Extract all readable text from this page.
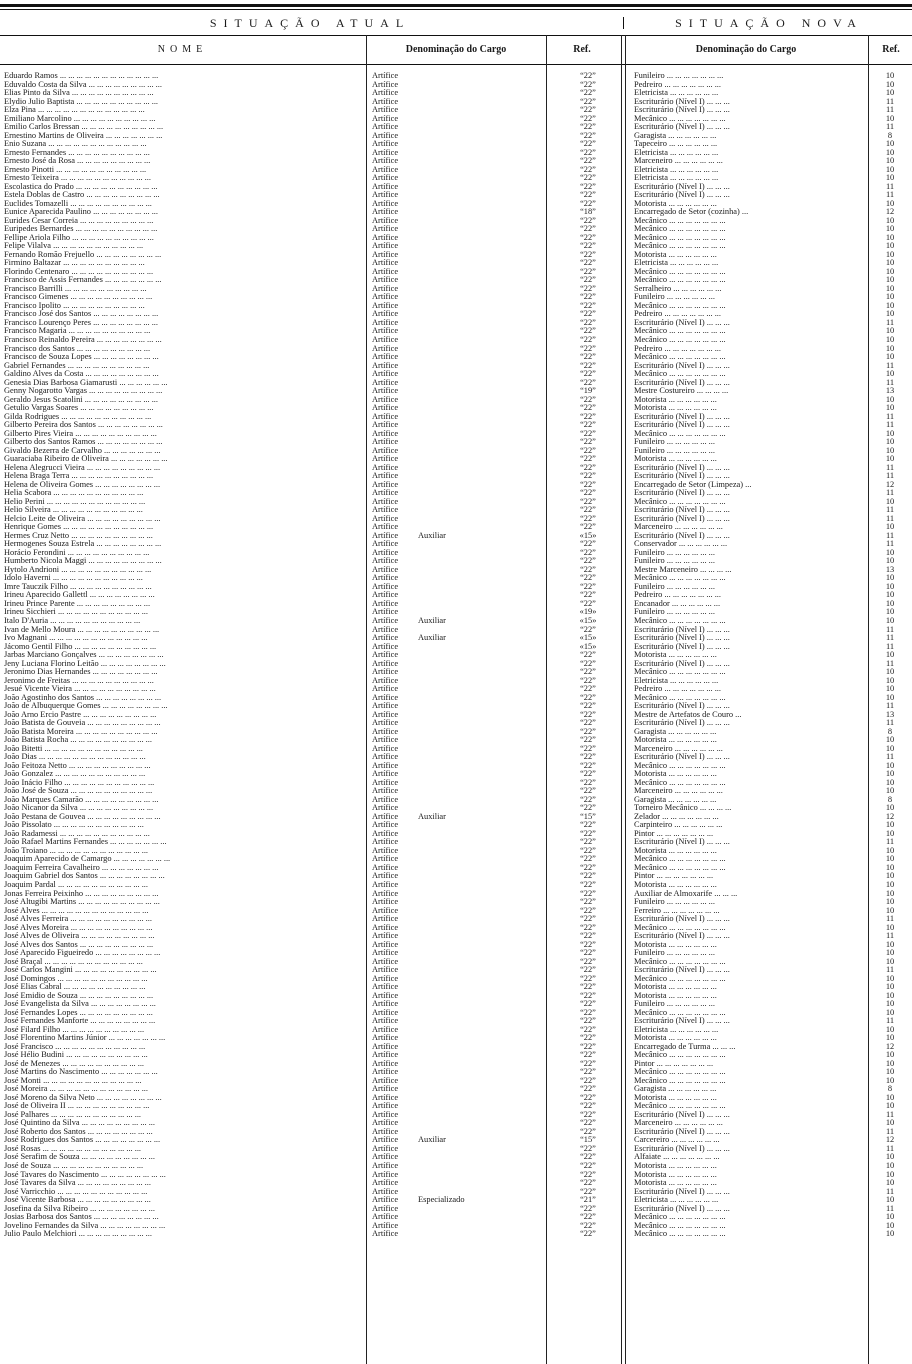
SITUAÇÃO ATUAL	SITUAÇÃO NOVA
NOME	Denominação do Cargo	Ref.	Denominação do Cargo	Ref.
Eduardo Ramos ... ... ... ... ... ... ... ... ... ... ... ...	Artífice	“22”	Funileiro ... ... ... ... ... ... ...	10
Eduvaldo Costa da Silva ... ... ... ... ... ... ... ... ...	Artífice	“22”	Pedreiro ... ... ... ... ... ... ...	10
Elias Pinto da Silva ... ... ... ... ... ... ... ... ... ...	Artífice	“22”	Eletricista ... ... ... ... ... ...	10
Elydio Julio Baptista ... ... ... ... ... ... ... ... ... ...	Artífice	“22”	Escriturário (Nível I) ... ... ...	11
Elza Pina ... ... ... ... ... ... ... ... ... ... ... ... ...	Artífice	“22”	Escriturário (Nível I) ... ... ...	11
Emiliano Marcolino ... ... ... ... ... ... ... ... ... ...	Artífice	“22”	Mecânico ... ... ... ... ... ... ...	10
Emilio Carlos Bressan ... ... ... ... ... ... ... ... ... ...	Artífice	“22”	Escriturário (Nível I) ... ... ...	11
Ernestino Martins de Oliveira ... ... ... ... ... ... ...	Artífice	“22”	Garagista ... ... ... ... ... ...	8
Enio Suzana ... ... ... ... ... ... ... ... ... ... ... ...	Artífice	“22”	Tapeceiro ... ... ... ... ... ...	10
Ernesto Fernandes ... ... ... ... ... ... ... ... ... ...	Artífice	“22”	Eletricista ... ... ... ... ... ...	10
Ernesto José da Rosa ... ... ... ... ... ... ... ... ...	Artífice	“22”	Marceneiro ... ... ... ... ... ...	10
Ernesto Pinotti ... ... ... ... ... ... ... ... ... ... ...	Artífice	“22”	Eletricista ... ... ... ... ... ...	10
Ernesto Teixeira ... ... ... ... ... ... ... ... ... ... ...	Artífice	“22”	Eletricista ... ... ... ... ... ...	10
Escolastica do Prado ... ... ... ... ... ... ... ... ... ...	Artífice	“22”	Escriturário (Nível I) ... ... ...	11
Estela Doblas de Castro ... ... ... ... ... ... ... ... ...	Artífice	“22”	Escriturário (Nível I) ... ... ...	11
Euclides Tomazelli ... ... ... ... ... ... ... ... ... ...	Artífice	“22”	Motorista ... ... ... ... ... ...	10
Eunice Aparecida Paulino ... ... ... ... ... ... ... ...	Artífice	“18”	Encarregado de Setor (cozinha) ...	12
Eurides Cesar Correia ... ... ... ... ... ... ... ... ...	Artífice	“22”	Mecânico ... ... ... ... ... ... ...	10
Euripedes Bernardes ... ... ... ... ... ... ... ... ... ...	Artífice	“22”	Mecânico ... ... ... ... ... ... ...	10
Fellipe Ariola Filho ... ... ... ... ... ... ... ... ... ...	Artífice	“22”	Mecânico ... ... ... ... ... ... ...	10
Felipe Vilalva ... ... ... ... ... ... ... ... ... ... ...	Artífice	“22”	Mecânico ... ... ... ... ... ... ...	10
Fernando Romão Frejuello ... ... ... ... ... ... ... ...	Artífice	“22”	Motorista ... ... ... ... ... ...	10
Firmino Baltazar ... ... ... ... ... ... ... ... ... ...	Artífice	“22”	Eletricista ... ... ... ... ... ...	10
Florindo Centenaro ... ... ... ... ... ... ... ... ... ...	Artífice	“22”	Mecânico ... ... ... ... ... ... ...	10
Francisco de Assis Fernandes ... ... ... ... ... ... ...	Artífice	“22”	Mecânico ... ... ... ... ... ... ...	10
Francisco Barrilli ... ... ... ... ... ... ... ... ... ...	Artífice	“22”	Serralheiro ... ... ... ... ... ...	10
Francisco Gimenes ... ... ... ... ... ... ... ... ... ...	Artífice	“22”	Funileiro ... ... ... ... ... ...	10
Francisco Ipolito ... ... ... ... ... ... ... ... ... ...	Artífice	“22”	Mecânico ... ... ... ... ... ... ...	10
Francisco José dos Santos ... ... ... ... ... ... ... ...	Artífice	“22”	Pedreiro ... ... ... ... ... ... ...	10
Francisco Lourenço Peres ... ... ... ... ... ... ... ...	Artífice	“22”	Escriturário (Nível I) ... ... ...	11
Francisco Magaria ... ... ... ... ... ... ... ... ... ...	Artífice	“22”	Mecânico ... ... ... ... ... ... ...	10
Francisco Reinaldo Pereira ... ... ... ... ... ... ... ...	Artífice	“22”	Mecânico ... ... ... ... ... ... ...	10
Francisco dos Santos ... ... ... ... ... ... ... ... ...	Artífice	“22”	Pedreiro ... ... ... ... ... ... ...	10
Francisco de Souza Lopes ... ... ... ... ... ... ... ...	Artífice	“22”	Mecânico ... ... ... ... ... ... ...	10
Gabriel Fernandes ... ... ... ... ... ... ... ... ... ...	Artífice	“22”	Escriturário (Nível I) ... ... ...	11
Galdino Alves da Costa ... ... ... ... ... ... ... ... ...	Artífice	“22”	Mecânico ... ... ... ... ... ... ...	10
Genesia Dias Barbosa Giamarusti ... ... ... ... ... ...	Artífice	“22”	Escriturário (Nível I) ... ... ...	11
Genny Nogarotto Vargas ... ... ... ... ... ... ... ... ...	Artífice	“19”	Mestre Costureiro ... ... ... ...	13
Geraldo Jesus Scatolini ... ... ... ... ... ... ... ... ...	Artífice	“22”	Motorista ... ... ... ... ... ...	10
Getulio Vargas Soares ... ... ... ... ... ... ... ... ...	Artífice	“22”	Motorista ... ... ... ... ... ...	10
Gilda Rodrigues ... ... ... ... ... ... ... ... ... ... ...	Artífice	“22”	Escriturário (Nível I) ... ... ...	11
Gilberto Pereira dos Santos ... ... ... ... ... ... ... ...	Artífice	“22”	Escriturário (Nível I) ... ... ...	11
Gilberto Pires Vieira ... ... ... ... ... ... ... ... ... ...	Artífice	“22”	Mecânico ... ... ... ... ... ... ...	10
Gilberto dos Santos Ramos ... ... ... ... ... ... ... ...	Artífice	“22”	Funileiro ... ... ... ... ... ...	10
Givaldo Bezerra de Carvalho ... ... ... ... ... ... ...	Artífice	“22”	Funileiro ... ... ... ... ... ...	10
Guaraciaba Ribeiro de Oliveira ... ... ... ... ... ... ...	Artífice	“22”	Motorista ... ... ... ... ... ...	10
Helena Alegrucci Vieira ... ... ... ... ... ... ... ... ...	Artífice	“22”	Escriturário (Nível I) ... ... ...	11
Helena Braga Terra ... ... ... ... ... ... ... ... ... ...	Artífice	“22”	Escriturário (Nível I) ... ... ...	11
Helena de Oliveira Gomes ... ... ... ... ... ... ... ...	Artífice	“22”	Encarregado de Setor (Limpeza) ...	12
Helia Scabora ... ... ... ... ... ... ... ... ... ... ...	Artífice	“22”	Escriturário (Nível I) ... ... ...	11
Helio Perini ... ... ... ... ... ... ... ... ... ... ... ...	Artífice	“22”	Mecânico ... ... ... ... ... ... ...	10
Helio Silveira ... ... ... ... ... ... ... ... ... ... ...	Artífice	“22”	Escriturário (Nível I) ... ... ...	11
Helcio Leite de Oliveira ... ... ... ... ... ... ... ... ...	Artífice	“22”	Escriturário (Nível I) ... ... ...	11
Henrique Gomes ... ... ... ... ... ... ... ... ... ... ...	Artífice	“22”	Marceneiro ... ... ... ... ... ...	10
Hermes Cruz Netto ... ... ... ... ... ... ... ... ... ...	Artífice	Auxiliar	«15»	Escriturário (Nível I) ... ... ...	11
Hermogenes Souza Estrela ... ... ... ... ... ... ... ...	Artífice	“22”	Conservador ... ... ... ... ... ...	11
Horácio Ferondini ... ... ... ... ... ... ... ... ... ...	Artífice	“22”	Funileiro ... ... ... ... ... ...	10
Humberto Nicola Maggi ... ... ... ... ... ... ... ... ...	Artífice	“22”	Funileiro ... ... ... ... ... ...	10
Hytolo Andrioni ... ... ... ... ... ... ... ... ... ... ...	Artífice	“22”	Mestre Marceneiro ... ... ... ...	13
Idolo Haverni ... ... ... ... ... ... ... ... ... ... ...	Artífice	“22”	Mecânico ... ... ... ... ... ... ...	10
Imre Tauczik Filho ... ... ... ... ... ... ... ... ... ...	Artífice	“22”	Funileiro ... ... ... ... ... ...	10
Irineu Aparecido Gallettl ... ... ... ... ... ... ... ...	Artífice	“22”	Pedreiro ... ... ... ... ... ... ...	10
Irineu Prince Parente ... ... ... ... ... ... ... ... ...	Artífice	“22”	Encanador ... ... ... ... ... ...	10
Irineu Sicchieri ... ... ... ... ... ... ... ... ... ... ...	Artífice	«19»	Funileiro ... ... ... ... ... ...	10
Italo D'Auria ... ... ... ... ... ... ... ... ... ... ...	Artífice	Auxiliar	«15»	Mecânico ... ... ... ... ... ... ...	10
Ivan de Mello Moura ... ... ... ... ... ... ... ... ... ...	Artífice	“22”	Escriturário (Nível I) ... ... ...	11
Ivo Magnani ... ... ... ... ... ... ... ... ... ... ... ...	Artífice	Auxiliar	«15»	Escriturário (Nível I) ... ... ...	11
Jácomo Gentil Filho ... ... ... ... ... ... ... ... ... ...	Artífice	«15»	Escriturário (Nível I) ... ... ...	11
Jarbas Marciano Gonçalves ... ... ... ... ... ... ... ...	Artífice	“22”	Motorista ... ... ... ... ... ...	10
Jeny Luciana Florino Leitão ... ... ... ... ... ... ... ...	Artífice	“22”	Escriturário (Nível I) ... ... ...	11
Jeronimo Dias Hernandes ... ... ... ... ... ... ... ...	Artífice	“22”	Mecânico ... ... ... ... ... ... ...	10
Jeronimo de Freitas ... ... ... ... ... ... ... ... ... ...	Artífice	“22”	Eletricista ... ... ... ... ... ...	10
Jesué Vicente Vieira ... ... ... ... ... ... ... ... ... ...	Artífice	“22”	Pedreiro ... ... ... ... ... ... ...	10
João Agostinho dos Santos ... ... ... ... ... ... ... ...	Artífice	“22”	Mecânico ... ... ... ... ... ... ...	10
João de Albuquerque Gomes ... ... ... ... ... ... ... ...	Artífice	“22”	Escriturário (Nível I) ... ... ...	11
João Arno Ercio Pastre ... ... ... ... ... ... ... ... ...	Artífice	“22”	Mestre de Artefatos de Couro ...	13
João Batista de Gouveia ... ... ... ... ... ... ... ... ...	Artífice	“22”	Escriturário (Nível I) ... ... ...	11
João Batista Moreira ... ... ... ... ... ... ... ... ... ...	Artífice	“22”	Garagista ... ... ... ... ... ...	8
João Batista Rocha ... ... ... ... ... ... ... ... ... ...	Artífice	“22”	Motorista ... ... ... ... ... ...	10
João Bitetti ... ... ... ... ... ... ... ... ... ... ... ...	Artífice	“22”	Marceneiro ... ... ... ... ... ...	10
João Dias ... ... ... ... ... ... ... ... ... ... ... ... ...	Artífice	“22”	Escriturário (Nível I) ... ... ...	11
João Feitoza Netto ... ... ... ... ... ... ... ... ... ...	Artífice	“22”	Mecânico ... ... ... ... ... ... ...	10
João Gonzalez ... ... ... ... ... ... ... ... ... ... ...	Artífice	“22”	Motorista ... ... ... ... ... ...	10
João Inácio Filho ... ... ... ... ... ... ... ... ... ... ...	Artífice	“22”	Mecânico ... ... ... ... ... ... ...	10
João José de Souza ... ... ... ... ... ... ... ... ... ...	Artífice	“22”	Marceneiro ... ... ... ... ... ...	10
João Marques Camarão ... ... ... ... ... ... ... ... ...	Artífice	“22”	Garagista ... ... ... ... ... ...	8
João Nicanor da Silva ... ... ... ... ... ... ... ... ...	Artífice	“22”	Torneiro Mecânico ... ... ... ...	10
João Pestana de Gouvea ... ... ... ... ... ... ... ... ...	Artífice	Auxiliar	“15”	Zelador ... ... ... ... ... ... ...	12
João Pissolato ... ... ... ... ... ... ... ... ... ... ...	Artífice	“22”	Carpinteiro ... ... ... ... ... ...	10
João Radamessi ... ... ... ... ... ... ... ... ... ... ...	Artífice	“22”	Pintor ... ... ... ... ... ... ...	10
João Rafael Martins Fernandes ... ... ... ... ... ... ...	Artífice	“22”	Escriturário (Nível I) ... ... ...	11
João Troiano ... ... ... ... ... ... ... ... ... ... ... ...	Artífice	“22”	Motorista ... ... ... ... ... ...	10
Joaquim Aparecido de Camargo ... ... ... ... ... ... ...	Artífice	“22”	Mecânico ... ... ... ... ... ... ...	10
Joaquim Ferreira Cavalheiro ... ... ... ... ... ... ...	Artífice	“22”	Mecânico ... ... ... ... ... ... ...	10
Joaquim Gabriel dos Santos ... ... ... ... ... ... ... ...	Artífice	“22”	Pintor ... ... ... ... ... ... ...	10
Joaquim Pardal ... ... ... ... ... ... ... ... ... ... ...	Artífice	“22”	Motorista ... ... ... ... ... ...	10
Jonas Ferreira Peixinho ... ... ... ... ... ... ... ... ...	Artífice	“22”	Auxiliar de Almoxarife ... ... ...	10
José Altugibi Martins ... ... ... ... ... ... ... ... ... ...	Artífice	“22”	Funileiro ... ... ... ... ... ...	10
José Alves ... ... ... ... ... ... ... ... ... ... ... ... ...	Artífice	“22”	Ferreiro ... ... ... ... ... ... ...	10
José Alves Ferreira ... ... ... ... ... ... ... ... ... ...	Artífice	“22”	Escriturário (Nível I) ... ... ...	11
José Alves Moreira ... ... ... ... ... ... ... ... ... ...	Artífice	“22”	Mecânico ... ... ... ... ... ... ...	10
José Alves de Oliveira ... ... ... ... ... ... ... ... ...	Artífice	“22”	Escriturário (Nível I) ... ... ...	11
José Alves dos Santos ... ... ... ... ... ... ... ... ...	Artífice	“22”	Motorista ... ... ... ... ... ...	10
José Aparecido Figueiredo ... ... ... ... ... ... ... ...	Artífice	“22”	Funileiro ... ... ... ... ... ...	10
José Braçal ... ... ... ... ... ... ... ... ... ... ... ...	Artífice	“22”	Mecânico ... ... ... ... ... ... ...	10
José Carlos Mangini ... ... ... ... ... ... ... ... ... ...	Artífice	“22”	Escriturário (Nível I) ... ... ...	11
José Domingos ... ... ... ... ... ... ... ... ... ... ...	Artífice	“22”	Mecânico ... ... ... ... ... ... ...	10
José Elias Cabral ... ... ... ... ... ... ... ... ... ...	Artífice	“22”	Motorista ... ... ... ... ... ...	10
José Emidio de Souza ... ... ... ... ... ... ... ... ...	Artífice	“22”	Motorista ... ... ... ... ... ...	10
José Evangelista da Silva ... ... ... ... ... ... ... ...	Artífice	“22”	Funileiro ... ... ... ... ... ...	10
José Fernandes Lopes ... ... ... ... ... ... ... ... ...	Artífice	“22”	Mecânico ... ... ... ... ... ... ...	10
José Fernandes Manforte ... ... ... ... ... ... ... ...	Artífice	“22”	Escriturário (Nível I) ... ... ...	11
José Filard Filho ... ... ... ... ... ... ... ... ... ...	Artífice	“22”	Eletricista ... ... ... ... ... ...	10
José Florentino Martins Júnior ... ... ... ... ... ... ...	Artífice	“22”	Motorista ... ... ... ... ... ...	10
José Francisco ... ... ... ... ... ... ... ... ... ... ...	Artífice	“22”	Encarregado de Turma ... ... ...	12
José Hélio Budini ... ... ... ... ... ... ... ... ... ...	Artífice	“22”	Mecânico ... ... ... ... ... ... ...	10
José de Menezes ... ... ... ... ... ... ... ... ... ...	Artífice	“22”	Pintor ... ... ... ... ... ... ...	10
José Martins do Nascimento ... ... ... ... ... ... ...	Artífice	“22”	Mecânico ... ... ... ... ... ... ...	10
José Monti ... ... ... ... ... ... ... ... ... ... ... ...	Artífice	“22”	Mecânico ... ... ... ... ... ... ...	10
José Moreira ... ... ... ... ... ... ... ... ... ... ... ...	Artífice	“22”	Garagista ... ... ... ... ... ...	8
José Moreno da Silva Neto ... ... ... ... ... ... ... ...	Artífice	“22”	Motorista ... ... ... ... ... ...	10
José de Oliveira II ... ... ... ... ... ... ... ... ... ...	Artífice	“22”	Mecânico ... ... ... ... ... ... ...	10
José Palhares ... ... ... ... ... ... ... ... ... ... ...	Artífice	“22”	Escriturário (Nível I) ... ... ...	11
José Quintino da Silva ... ... ... ... ... ... ... ... ...	Artífice	“22”	Marceneiro ... ... ... ... ... ...	10
José Roberto dos Santos ... ... ... ... ... ... ... ...	Artífice	“22”	Escriturário (Nível I) ... ... ...	11
José Rodrigues dos Santos ... ... ... ... ... ... ... ...	Artífice	Auxiliar	“15”	Carcereiro ... ... ... ... ... ...	12
José Rosas ... ... ... ... ... ... ... ... ... ... ... ...	Artífice	“22”	Escriturário (Nível I) ... ... ...	11
José Serafim de Souza ... ... ... ... ... ... ... ... ...	Artífice	“22”	Alfaiate ... ... ... ... ... ... ...	10
José de Souza ... ... ... ... ... ... ... ... ... ... ...	Artífice	“22”	Motorista ... ... ... ... ... ...	10
José Tavares do Nascimento ... ... ... ... ... ... ... ...	Artífice	“22”	Motorista ... ... ... ... ... ...	10
José Tavares da Silva ... ... ... ... ... ... ... ... ...	Artífice	“22”	Motorista ... ... ... ... ... ...	10
José Varricchio ... ... ... ... ... ... ... ... ... ... ...	Artífice	“22”	Escriturário (Nível I) ... ... ...	11
José Vicente Barbosa ... ... ... ... ... ... ... ... ...	Artífice	Especializado	“21”	Eletricista ... ... ... ... ... ...	10
Josefina da Silva Ribeiro ... ... ... ... ... ... ... ...	Artífice	“22”	Escriturário (Nível I) ... ... ...	11
Josias Barbosa dos Santos ... ... ... ... ... ... ... ...	Artífice	“22”	Mecânico ... ... ... ... ... ... ...	10
Jovelino Fernandes da Silva ... ... ... ... ... ... ... ...	Artífice	“22”	Mecânico ... ... ... ... ... ... ...	10
Julio Paulo Melchiori ... ... ... ... ... ... ... ... ...	Artífice	“22”	Mecânico ... ... ... ... ... ... ...	10
